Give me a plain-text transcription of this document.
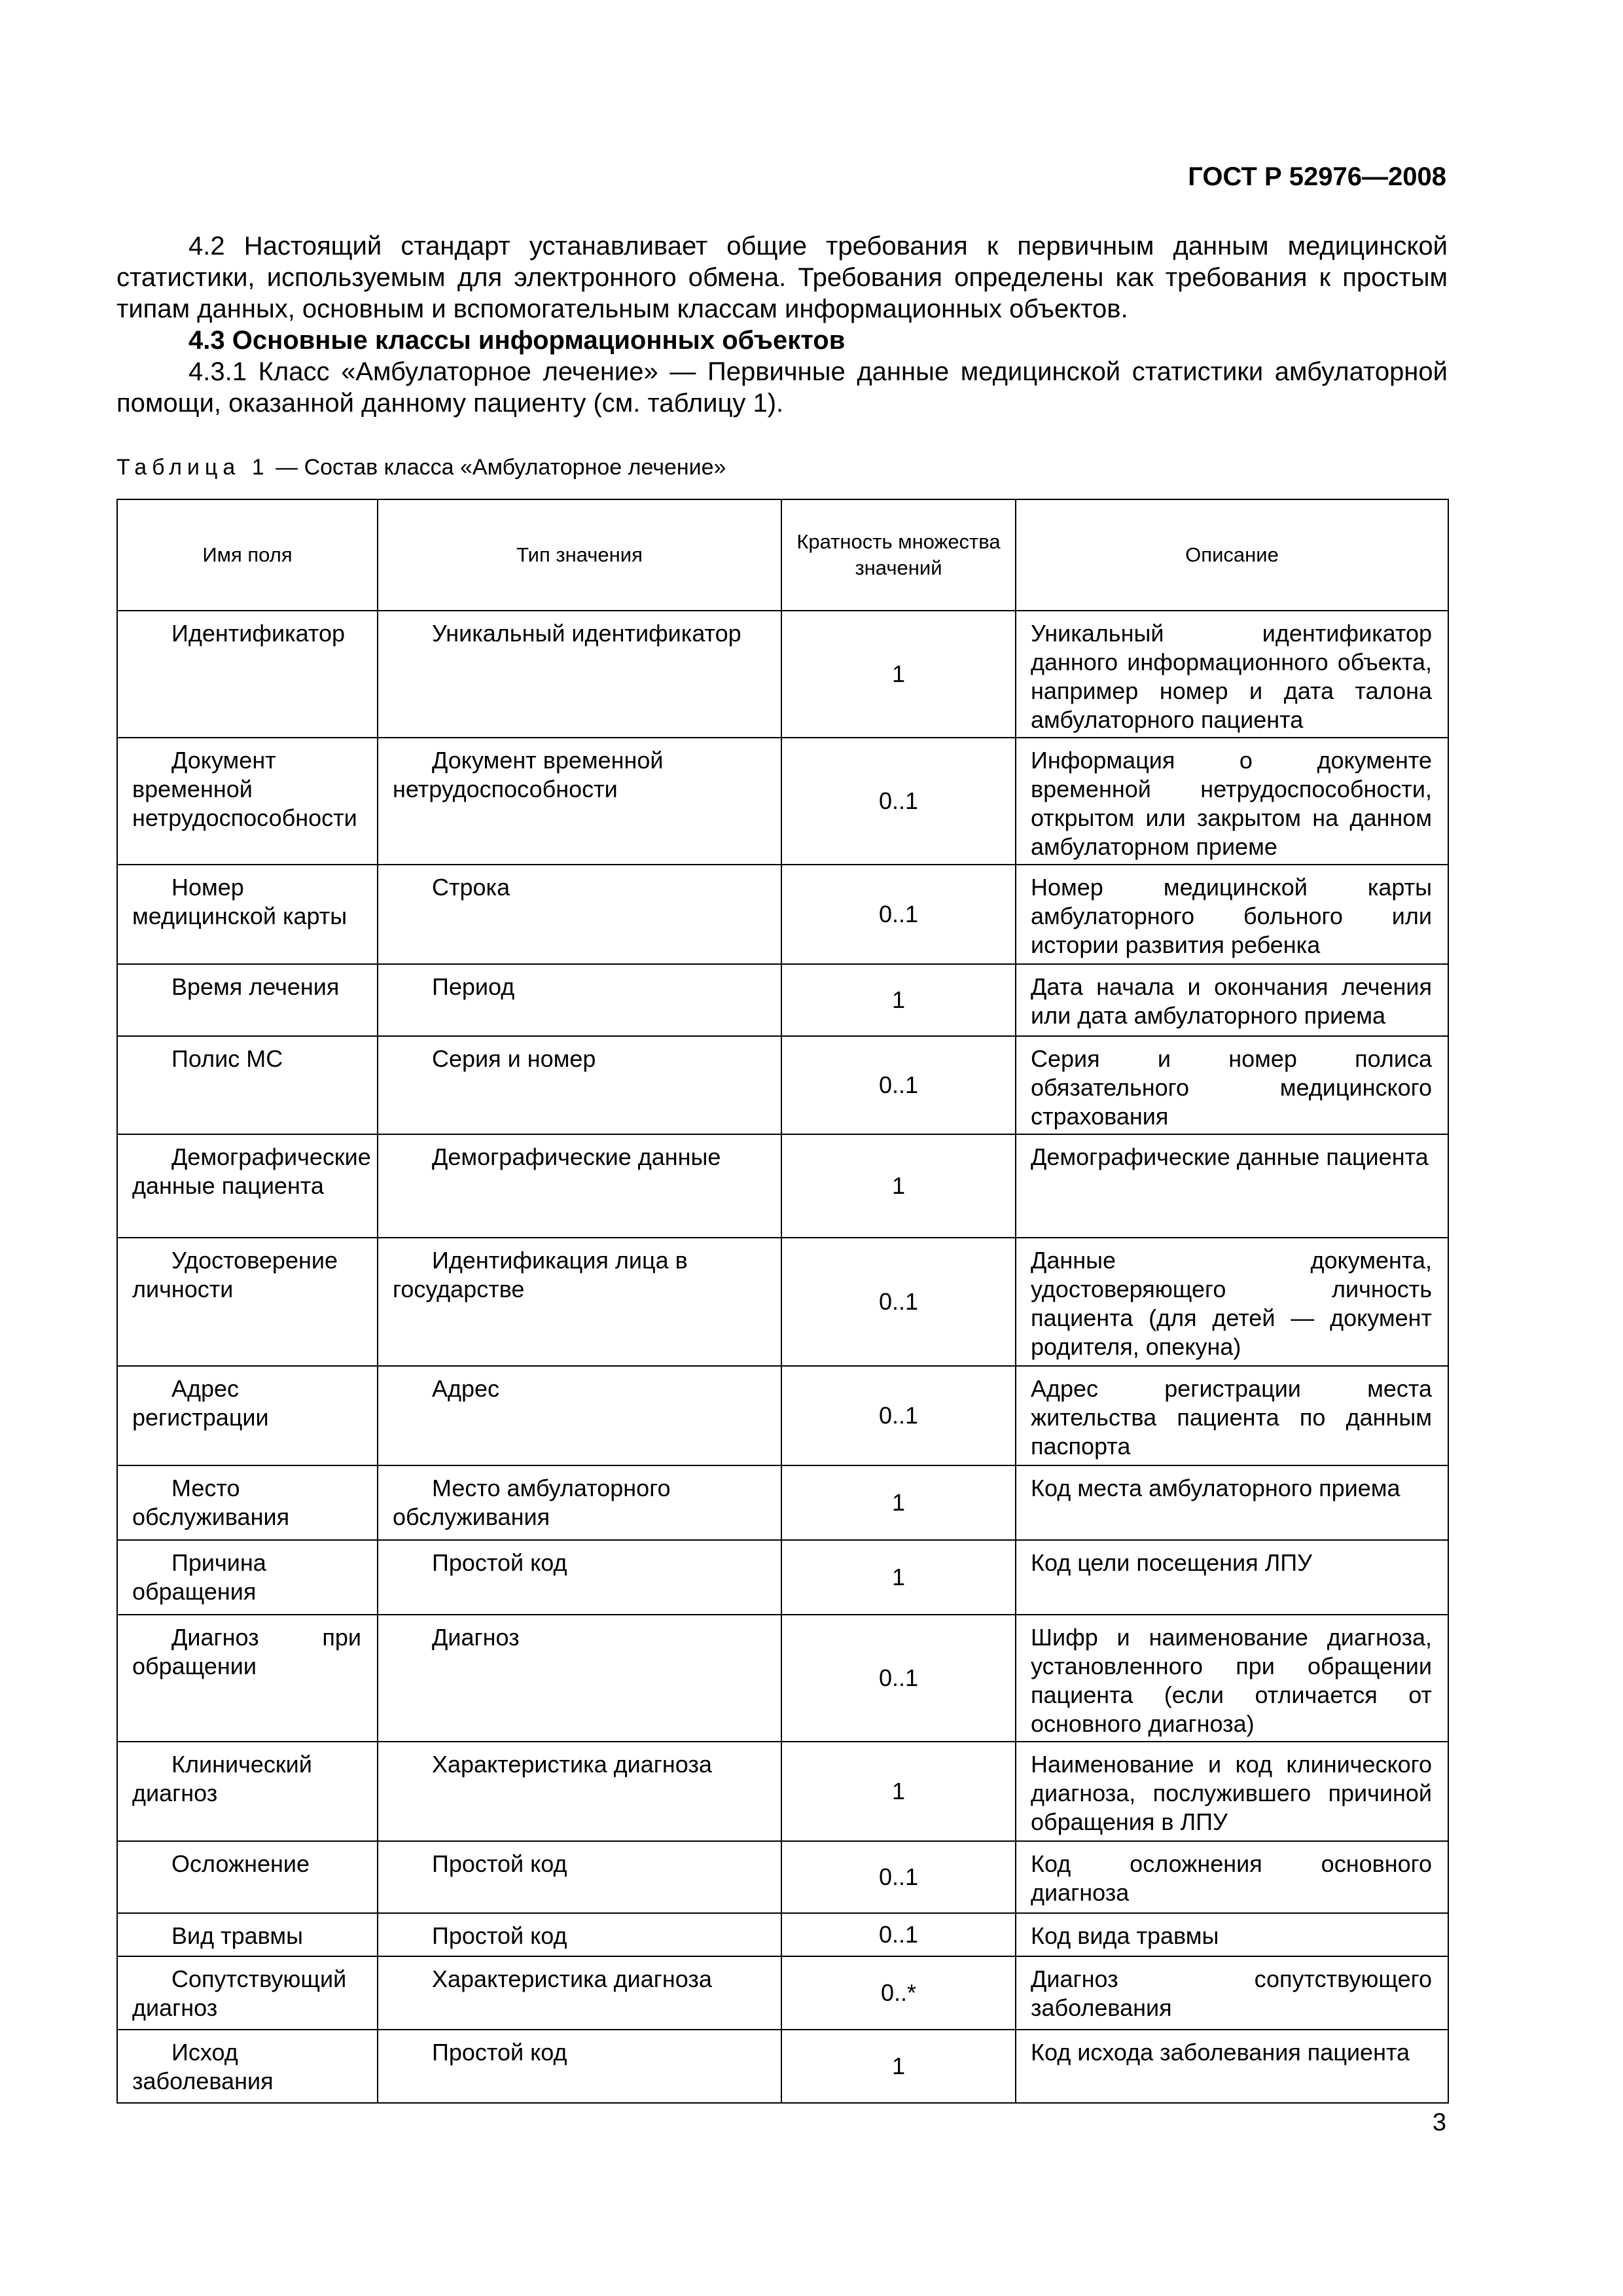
ГОСТ Р 52976—2008

4.2 Настоящий стандарт устанавливает общие требования к первичным данным медицинской статистики, используемым для электронного обмена. Требования определены как требования к простым типам данных, основным и вспомогательным классам информационных объектов.

4.3 Основные классы информационных объектов

4.3.1 Класс «Амбулаторное лечение» — Первичные данные медицинской статистики амбулаторной помощи, оказанной данному пациенту (см. таблицу 1).

Таблица 1 — Состав класса «Амбулаторное лечение»
Имя поля	Тип значения	Кратность множества значений	Описание
Идентификатор	Уникальный идентификатор	1	Уникальный идентификатор данного информационного объекта, например номер и дата талона амбулаторного пациента
Документ временной нетрудоспособности	Документ временной нетрудоспособности	0..1	Информация о документе временной нетрудоспособности, открытом или закрытом на данном амбулаторном приеме
Номер медицинской карты	Строка	0..1	Номер медицинской карты амбулаторного больного или истории развития ребенка
Время лечения	Период	1	Дата начала и окончания лечения или дата амбулаторного приема
Полис МС	Серия и номер	0..1	Серия и номер полиса обязательного медицинского страхования
Демографические данные пациента	Демографические данные	1	Демографические данные пациента
Удостоверение личности	Идентификация лица в государстве	0..1	Данные документа, удостоверяющего личность пациента (для детей — документ родителя, опекуна)
Адрес регистрации	Адрес	0..1	Адрес регистрации места жительства пациента по данным паспорта
Место обслуживания	Место амбулаторного обслуживания	1	Код места амбулаторного приема
Причина обращения	Простой код	1	Код цели посещения ЛПУ
Диагноз при обращении	Диагноз	0..1	Шифр и наименование диагноза, установленного при обращении пациента (если отличается от основного диагноза)
Клинический диагноз	Характеристика диагноза	1	Наименование и код клинического диагноза, послужившего причиной обращения в ЛПУ
Осложнение	Простой код	0..1	Код осложнения основного диагноза
Вид травмы	Простой код	0..1	Код вида травмы
Сопутствующий диагноз	Характеристика диагноза	0..*	Диагноз сопутствующего заболевания
Исход заболевания	Простой код	1	Код исхода заболевания пациента
3
